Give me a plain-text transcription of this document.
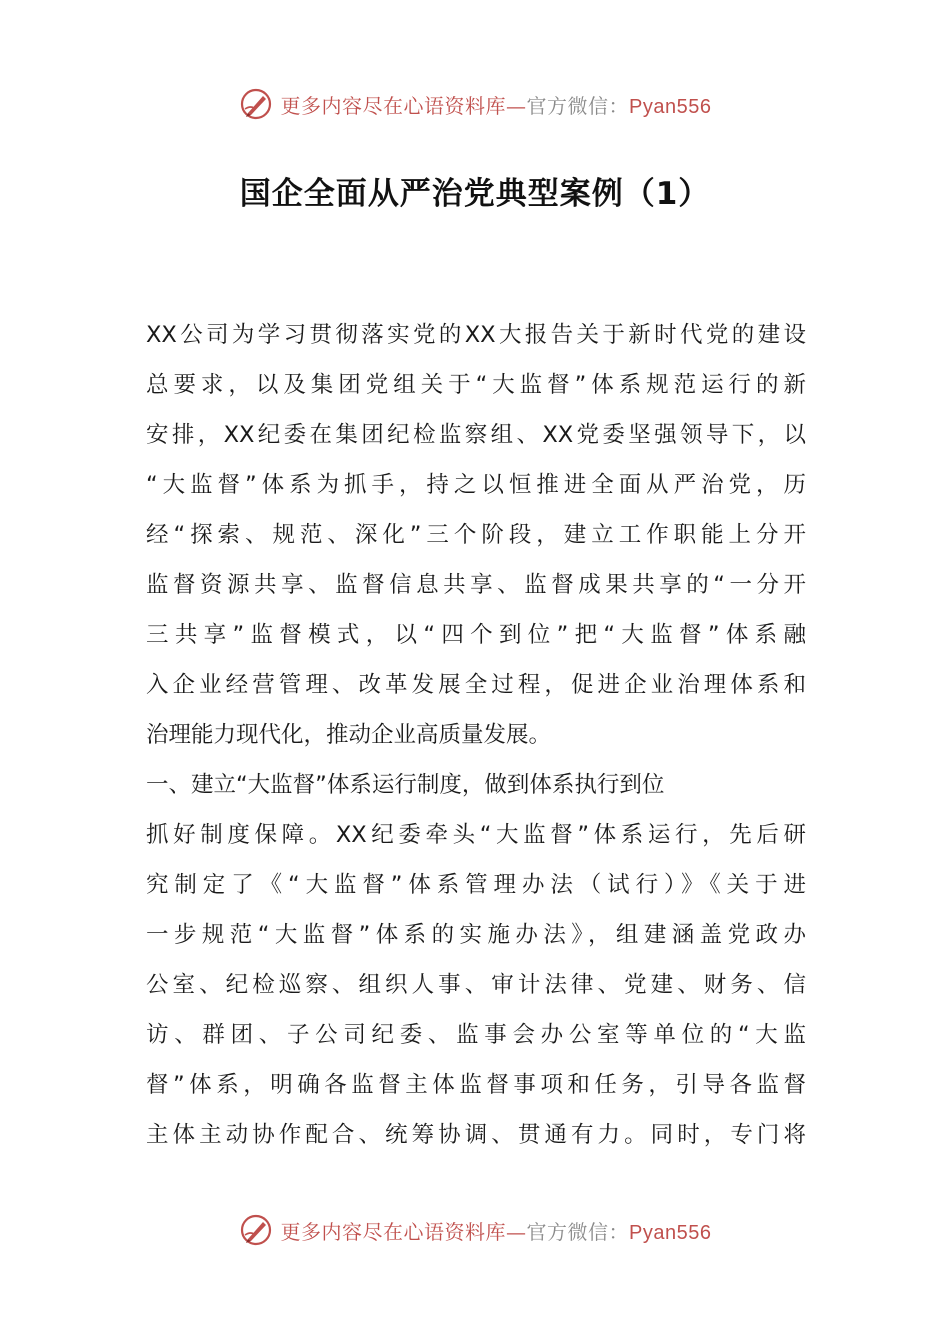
更多内容尽在心语资料库—官方微信：Pyan556
国企全面从严治党典型案例（1）
XX公司为学习贯彻落实党的XX大报告关于新时代党的建设
总要求，以及集团党组关于“大监督”体系规范运行的新
安排，XX纪委在集团纪检监察组、XX党委坚强领导下，以
“大监督”体系为抓手，持之以恒推进全面从严治党，历
经“探索、规范、深化”三个阶段，建立工作职能上分开
监督资源共享、监督信息共享、监督成果共享的“一分开
三共享”监督模式，以“四个到位”把“大监督”体系融
入企业经营管理、改革发展全过程，促进企业治理体系和
治理能力现代化，推动企业高质量发展。
一、建立“大监督”体系运行制度，做到体系执行到位
抓好制度保障。XX纪委牵头“大监督”体系运行，先后研
究制定了《“大监督”体系管理办法（试行）》《关于进
一步规范“大监督”体系的实施办法》，组建涵盖党政办
公室、纪检巡察、组织人事、审计法律、党建、财务、信
访、群团、子公司纪委、监事会办公室等单位的“大监
督”体系，明确各监督主体监督事项和任务，引导各监督
主体主动协作配合、统筹协调、贯通有力。同时，专门将
更多内容尽在心语资料库—官方微信：Pyan556
